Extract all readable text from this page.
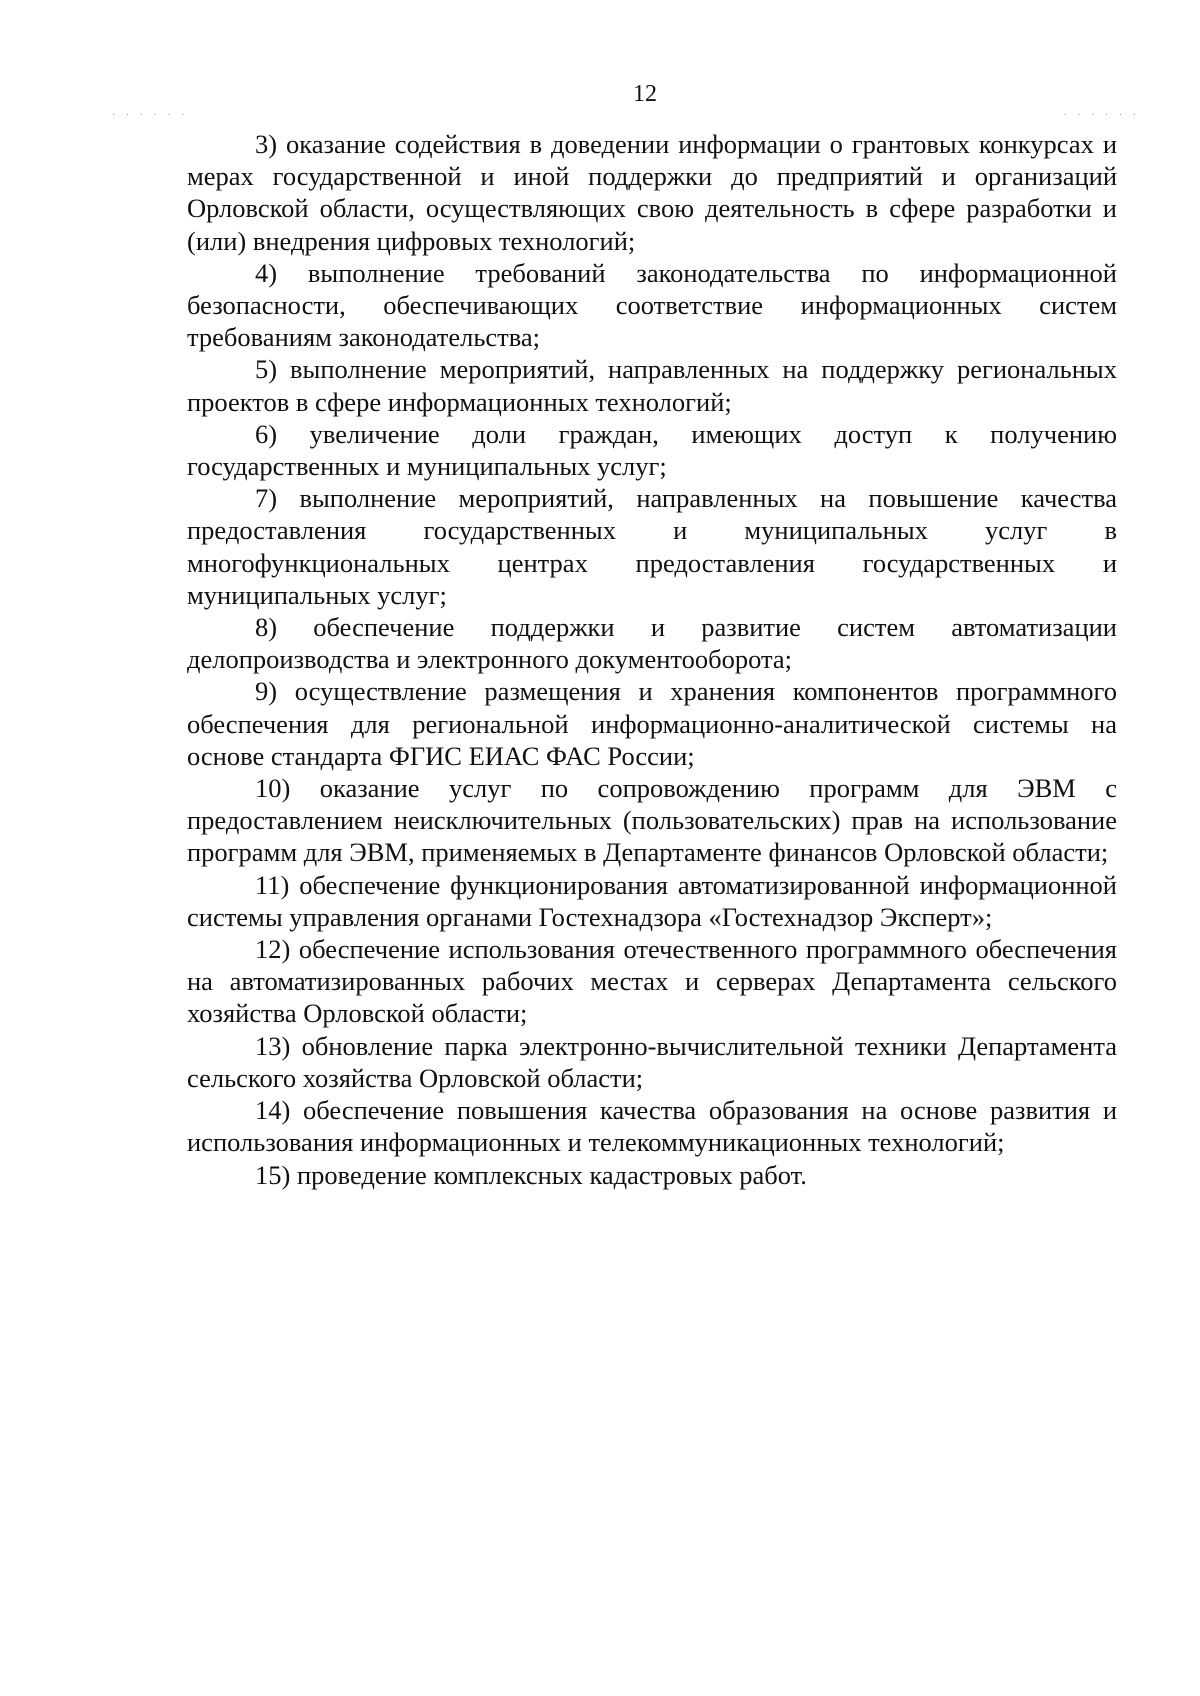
12
· · · · · ·	· · · · · ·

3) оказание содействия в доведении информации о грантовых конкурсах и мерах государственной и иной поддержки до предприятий и организаций Орловской области, осуществляющих свою деятельность в сфере разработки и (или) внедрения цифровых технологий;

4) выполнение требований законодательства по информационной безопасности, обеспечивающих соответствие информационных систем требованиям законодательства;

5) выполнение мероприятий, направленных на поддержку региональных проектов в сфере информационных технологий;

6) увеличение доли граждан, имеющих доступ к получению государственных и муниципальных услуг;

7) выполнение мероприятий, направленных на повышение качества предоставления государственных и муниципальных услуг в многофункциональных центрах предоставления государственных и муниципальных услуг;

8) обеспечение поддержки и развитие систем автоматизации делопроизводства и электронного документооборота;

9) осуществление размещения и хранения компонентов программного обеспечения для региональной информационно-аналитической системы на основе стандарта ФГИС ЕИАС ФАС России;

10) оказание услуг по сопровождению программ для ЭВМ с предоставлением неисключительных (пользовательских) прав на использование программ для ЭВМ, применяемых в Департаменте финансов Орловской области;

11) обеспечение функционирования автоматизированной информационной системы управления органами Гостехнадзора «Гостехнадзор Эксперт»;

12) обеспечение использования отечественного программного обеспечения на автоматизированных рабочих местах и серверах Департамента сельского хозяйства Орловской области;

13) обновление парка электронно-вычислительной техники Департамента сельского хозяйства Орловской области;

14) обеспечение повышения качества образования на основе развития и использования информационных и телекоммуникационных технологий;

15) проведение комплексных кадастровых работ.
